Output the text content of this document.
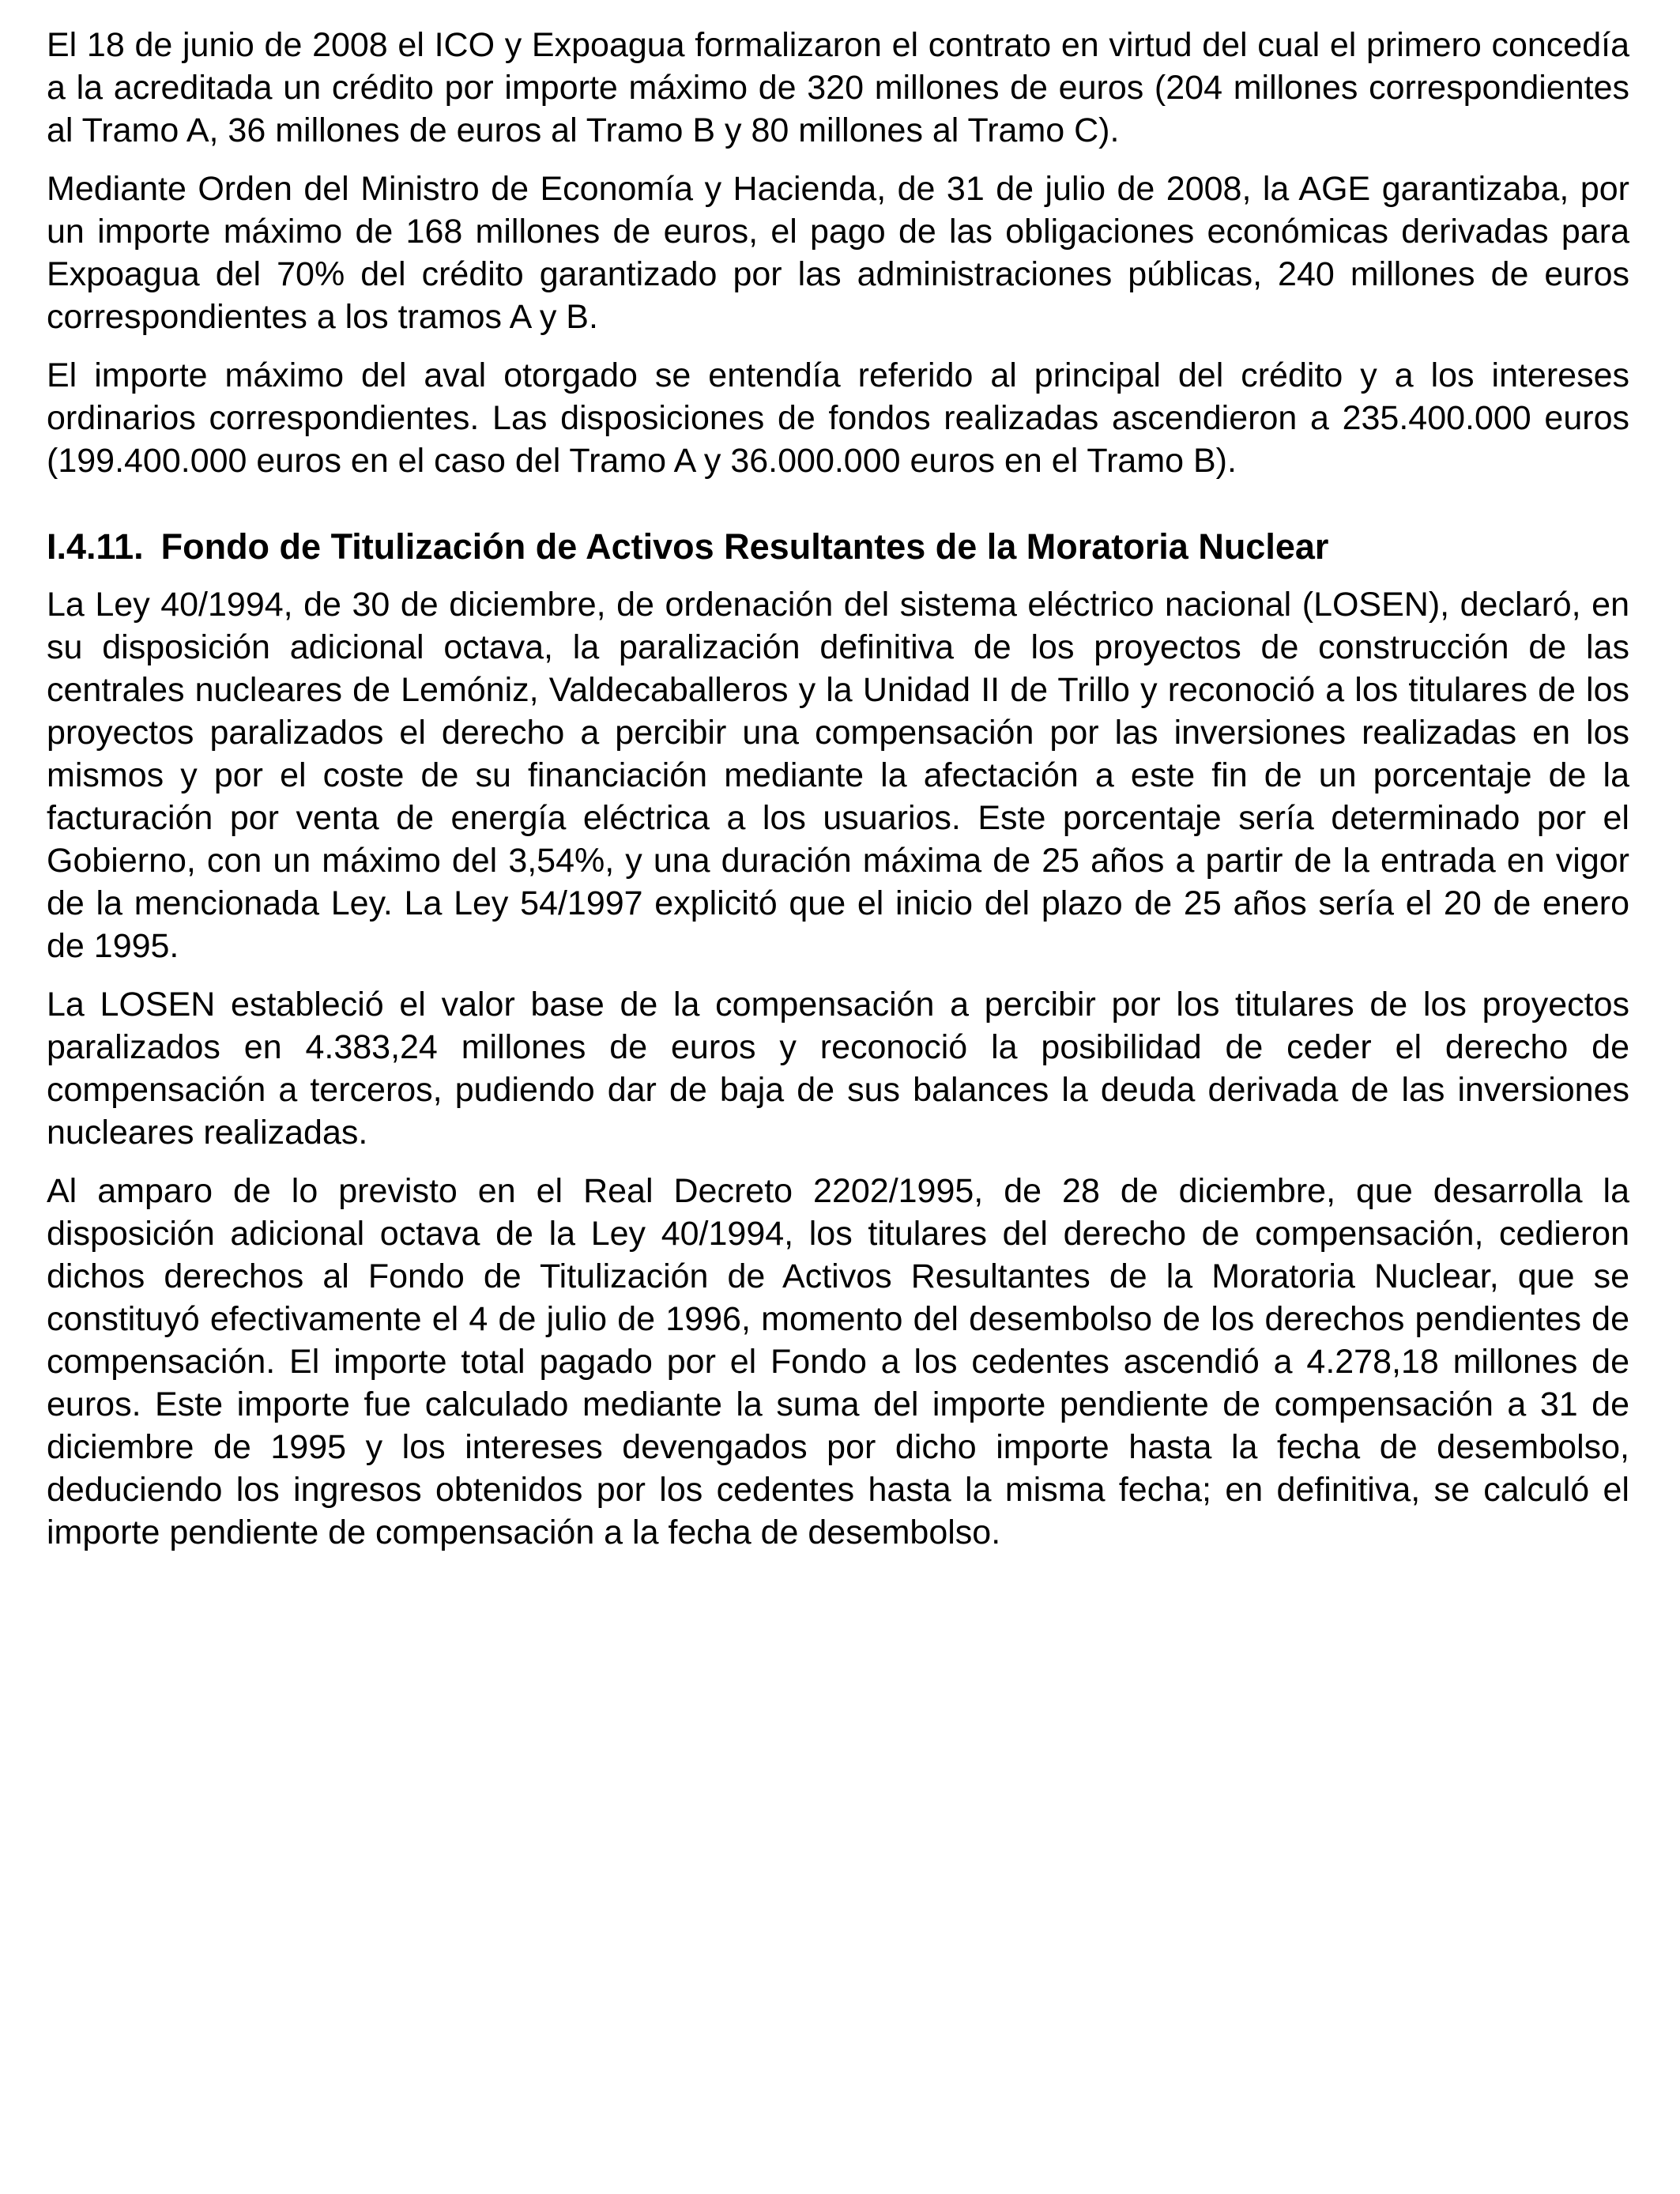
El 18 de junio de 2008 el ICO y Expoagua formalizaron el contrato en virtud del cual el primero concedía a la acreditada un crédito por importe máximo de 320 millones de euros (204 millones correspondientes al Tramo A, 36 millones de euros al Tramo B y 80 millones al Tramo C).

Mediante Orden del Ministro de Economía y Hacienda, de 31 de julio de 2008, la AGE garantizaba, por un importe máximo de 168 millones de euros, el pago de las obligaciones económicas derivadas para Expoagua del 70% del crédito garantizado por las administraciones públicas, 240 millones de euros correspondientes a los tramos A y B.

El importe máximo del aval otorgado se entendía referido al principal del crédito y a los intereses ordinarios correspondientes. Las disposiciones de fondos realizadas ascendieron a 235.400.000 euros (199.400.000 euros en el caso del Tramo A y 36.000.000 euros en el Tramo B).

I.4.11. Fondo de Titulización de Activos Resultantes de la Moratoria Nuclear

La Ley 40/1994, de 30 de diciembre, de ordenación del sistema eléctrico nacional (LOSEN), declaró, en su disposición adicional octava, la paralización definitiva de los proyectos de construcción de las centrales nucleares de Lemóniz, Valdecaballeros y la Unidad II de Trillo y reconoció a los titulares de los proyectos paralizados el derecho a percibir una compensación por las inversiones realizadas en los mismos y por el coste de su financiación mediante la afectación a este fin de un porcentaje de la facturación por venta de energía eléctrica a los usuarios. Este porcentaje sería determinado por el Gobierno, con un máximo del 3,54%, y una duración máxima de 25 años a partir de la entrada en vigor de la mencionada Ley. La Ley 54/1997 explicitó que el inicio del plazo de 25 años sería el 20 de enero de 1995.

La LOSEN estableció el valor base de la compensación a percibir por los titulares de los proyectos paralizados en 4.383,24 millones de euros y reconoció la posibilidad de ceder el derecho de compensación a terceros, pudiendo dar de baja de sus balances la deuda derivada de las inversiones nucleares realizadas.

Al amparo de lo previsto en el Real Decreto 2202/1995, de 28 de diciembre, que desarrolla la disposición adicional octava de la Ley 40/1994, los titulares del derecho de compensación, cedieron dichos derechos al Fondo de Titulización de Activos Resultantes de la Moratoria Nuclear, que se constituyó efectivamente el 4 de julio de 1996, momento del desembolso de los derechos pendientes de compensación. El importe total pagado por el Fondo a los cedentes ascendió a 4.278,18 millones de euros. Este importe fue calculado mediante la suma del importe pendiente de compensación a 31 de diciembre de 1995 y los intereses devengados por dicho importe hasta la fecha de desembolso, deduciendo los ingresos obtenidos por los cedentes hasta la misma fecha; en definitiva, se calculó el importe pendiente de compensación a la fecha de desembolso.
